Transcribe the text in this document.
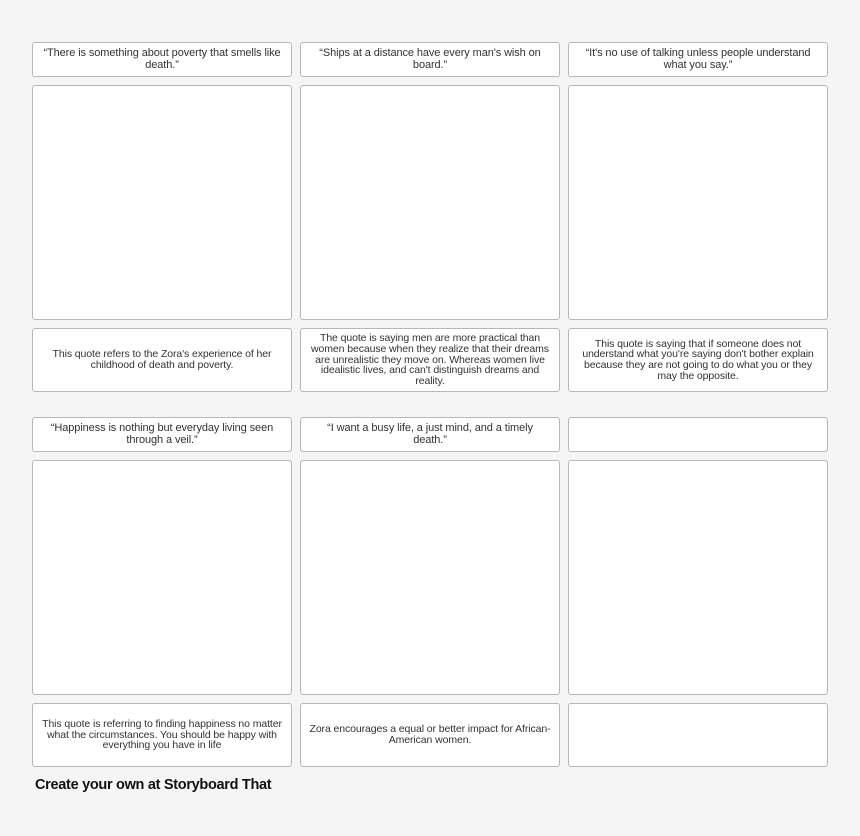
“There is something about poverty that smells like death.”
This quote refers to the Zora's experience of her childhood of death and poverty.
“Ships at a distance have every man's wish on board.”
The quote is saying men are more practical than women because when they realize that their dreams are unrealistic they move on. Whereas women live idealistic lives, and can't distinguish dreams and reality.
“It's no use of talking unless people understand what you say.”
This quote is saying that if someone does not understand what you're saying don't bother explain because they are not going to do what you or they may the opposite.
“Happiness is nothing but everyday living seen through a veil.”
This quote is referring to finding happiness no matter what the circumstances. You should be happy with everything you have in life
“I want a busy life, a just mind, and a timely death.”
Zora encourages a equal or better impact for African-American women.
Create your own at Storyboard That
